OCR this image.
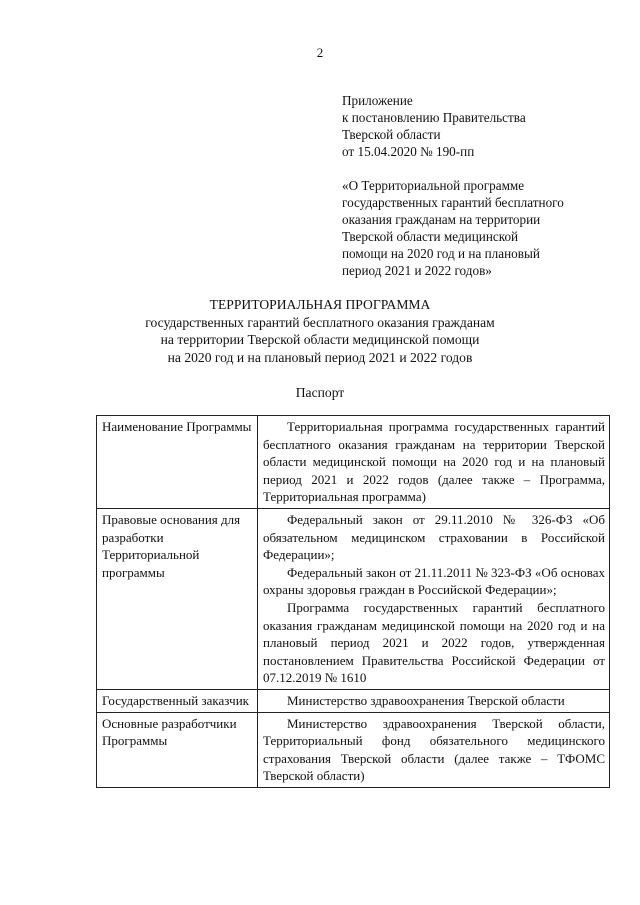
2
Приложение
к постановлению Правительства
Тверской области
от 15.04.2020 № 190-пп
«О Территориальной программе
государственных гарантий бесплатного
оказания гражданам на территории
Тверской области медицинской
помощи на 2020 год и на плановый
период 2021 и 2022 годов»
ТЕРРИТОРИАЛЬНАЯ ПРОГРАММА
государственных гарантий бесплатного оказания гражданам
на территории Тверской области медицинской помощи
на 2020 год и на плановый период 2021 и 2022 годов
Паспорт
Наименование Программы	Территориальная программа государственных гарантий бесплатного оказания гражданам на территории Тверской области медицинской помощи на 2020 год и на плановый период 2021 и 2022 годов (далее также – Программа, Территориальная программа)

Правовые основания для разработки Территориальной программы	Федеральный закон от 29.11.2010 № 326-ФЗ «Об обязательном медицинском страховании в Российской Федерации»;
Федеральный закон от 21.11.2011 № 323-ФЗ «Об основах охраны здоровья граждан в Российской Федерации»;
Программа государственных гарантий бесплатного оказания гражданам медицинской помощи на 2020 год и на плановый период 2021 и 2022 годов, утвержденная постановлением Правительства Российской Федерации от 07.12.2019 № 1610

Государственный заказчик	Министерство здравоохранения Тверской области

Основные разработчики Программы	Министерство здравоохранения Тверской области, Территориальный фонд обязательного медицинского страхования Тверской области (далее также – ТФОМС Тверской области)
